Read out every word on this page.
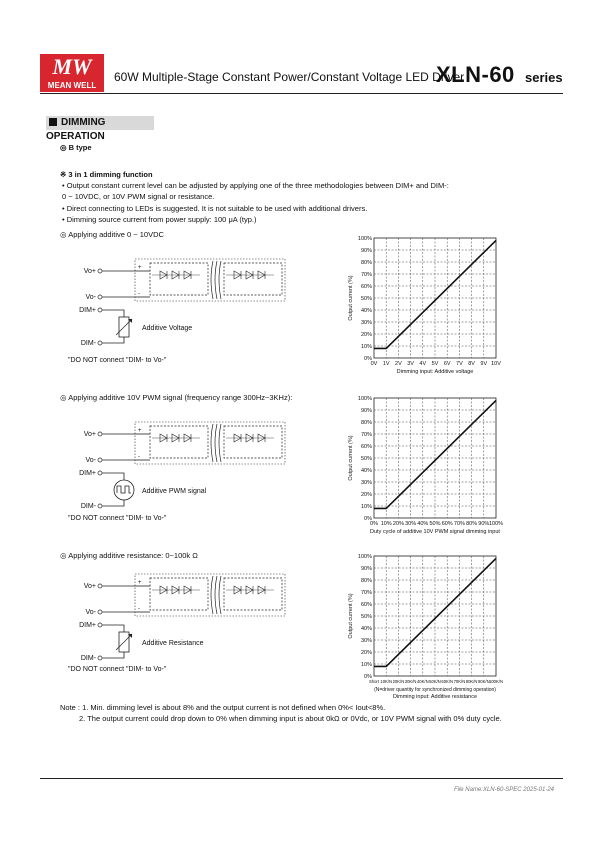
MW
MEAN WELL
60W Multiple-Stage Constant Power/Constant Voltage LED Driver
XLN-60 series
DIMMING OPERATION
◎ B type
※ 3 in 1 dimming function
• Output constant current level can be adjusted by applying one of the three methodologies between DIM+ and DIM-:
0 ~ 10VDC, or 10V PWM signal or resistance.
• Direct connecting to LEDs is suggested. It is not suitable to be used with additional drivers.
• Dimming source current from power supply: 100 μA (typ.)
◎ Applying additive 0 ~ 10VDC
Vo+
Vo-
+
-
DIM+
DIM-
Additive Voltage
"DO NOT connect "DIM- to Vo-"	0%
10%
20%
30%
40%
50%
60%
70%
80%
90%
100%
0V 1V 2V 3V 4V 5V 6V 7V 8V 9V 10V
Output current (%)
Dimming input: Additive voltage
◎ Applying additive 10V PWM signal (frequency range 300Hz~3KHz):
Vo+
Vo-
+
-
DIM+
DIM-
Additive PWM signal
"DO NOT connect "DIM- to Vo-"	0%
10%
20%
30%
40%
50%
60%
70%
80%
90%
100%
0% 10% 20% 30% 40% 50% 60% 70% 80% 90% 100%
Output current (%)
Duty cycle of additive 10V PWM signal dimming input
◎ Applying additive resistance: 0~100k Ω
Vo+
Vo-
+
-
DIM+
DIM-
Additive Resistance
"DO NOT connect "DIM- to Vo-"
0%
10%
20%
30%
40%
50%
60%
70%
80%
90%
100%
Short 10K/N 20K/N 30K/N 40K/N 50K/N 60K/N 70K/N 80K/N 90K/N 100K/N
Output current (%)
(N=driver quantity for synchronized dimming operation)
Dimming input: Additive resistance
Note : 1. Min. dimming level is about 8% and the output current is not defined when 0%< Iout<8%.
2. The output current could drop down to 0% when dimming input is about 0kΩ or 0Vdc, or 10V PWM signal with 0% duty cycle.
File Name:XLN-60-SPEC 2025-01-24
